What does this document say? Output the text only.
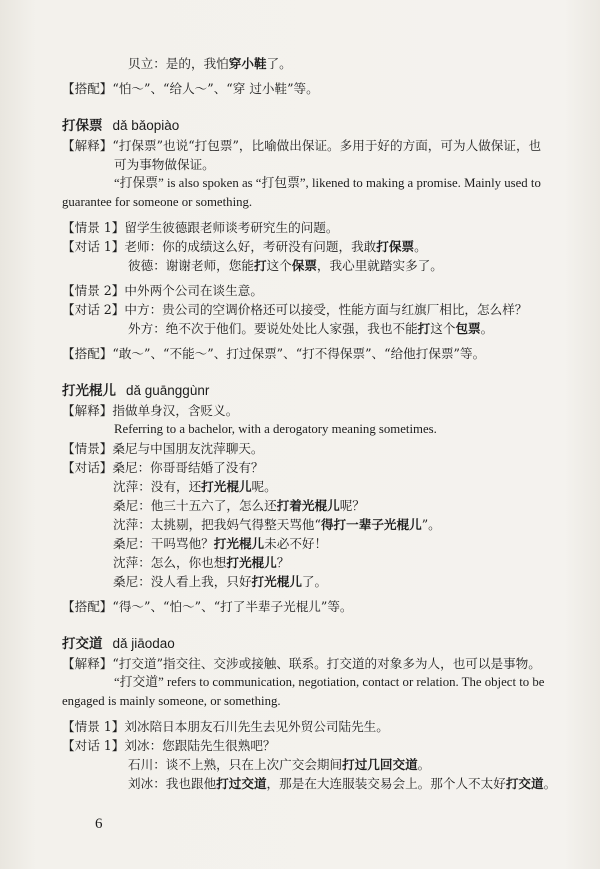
贝立：是的，我怕穿小鞋了。
【搭配】“怕～”、“给人～”、“穿 过小鞋”等。
打保票 dǎ bǎopiào
【解释】“打保票”也说“打包票”，比喻做出保证。多用于好的方面，可为人做保证，也
可为事物做保证。
“打保票” is also spoken as “打包票”, likened to making a promise. Mainly used to
guarantee for someone or something.
【情景 1】留学生彼德跟老师谈考研究生的问题。
【对话 1】老师：你的成绩这么好，考研没有问题，我敢打保票。
彼德：谢谢老师，您能打这个保票，我心里就踏实多了。
【情景 2】中外两个公司在谈生意。
【对话 2】中方：贵公司的空调价格还可以接受，性能方面与红旗厂相比，怎么样？
外方：绝不次于他们。要说处处比人家强，我也不能打这个包票。
【搭配】“敢～”、“不能～”、打过保票”、“打不得保票”、“给他打保票”等。
打光棍儿 dǎ guānggùnr
【解释】指做单身汉，含贬义。
Referring to a bachelor, with a derogatory meaning sometimes.
【情景】桑尼与中国朋友沈萍聊天。
【对话】桑尼：你哥哥结婚了没有？
沈萍：没有，还打光棍儿呢。
桑尼：他三十五六了，怎么还打着光棍儿呢？
沈萍：太挑剔，把我妈气得整天骂他“得打一辈子光棍儿”。
桑尼：干吗骂他？打光棍儿未必不好！
沈萍：怎么，你也想打光棍儿？
桑尼：没人看上我，只好打光棍儿了。
【搭配】“得～”、“怕～”、“打了半辈子光棍儿”等。
打交道 dǎ jiāodao
【解释】“打交道”指交往、交涉或接触、联系。打交道的对象多为人，也可以是事物。
“打交道” refers to communication, negotiation, contact or relation. The object to be
engaged is mainly someone, or something.
【情景 1】刘冰陪日本朋友石川先生去见外贸公司陆先生。
【对话 1】刘冰：您跟陆先生很熟吧？
石川：谈不上熟，只在上次广交会期间打过几回交道。
刘冰：我也跟他打过交道，那是在大连服装交易会上。那个人不太好打交道。
6
